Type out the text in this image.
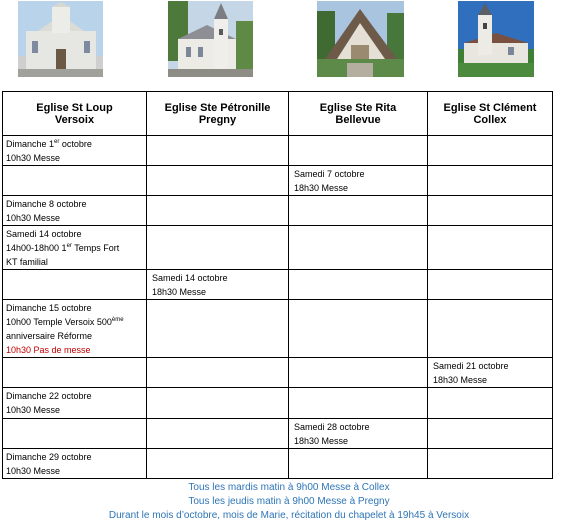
Eglise St Loup
Versoix	Eglise Ste Pétronille
Pregny	Eglise Ste Rita
Bellevue	Eglise St Clément
Collex

Dimanche 1er octobre
10h30 Messe			

		Samedi 7 octobre
18h30 Messe	

Dimanche 8 octobre
10h30 Messe			

Samedi 14 octobre
14h00-18h00 1er Temps Fort
KT familial			

	Samedi 14 octobre
18h30 Messe		

Dimanche 15 octobre
10h00 Temple Versoix 500ème
anniversaire Réforme
10h30 Pas de messe			

			Samedi 21 octobre
18h30 Messe

Dimanche 22 octobre
10h30 Messe			

		Samedi 28 octobre
18h30 Messe	

Dimanche 29 octobre
10h30 Messe			

Tous les mardis matin à 9h00 Messe à Collex
Tous les jeudis matin à 9h00 Messe à Pregny
Durant le mois d’octobre, mois de Marie, récitation du chapelet à 19h45 à Versoix
